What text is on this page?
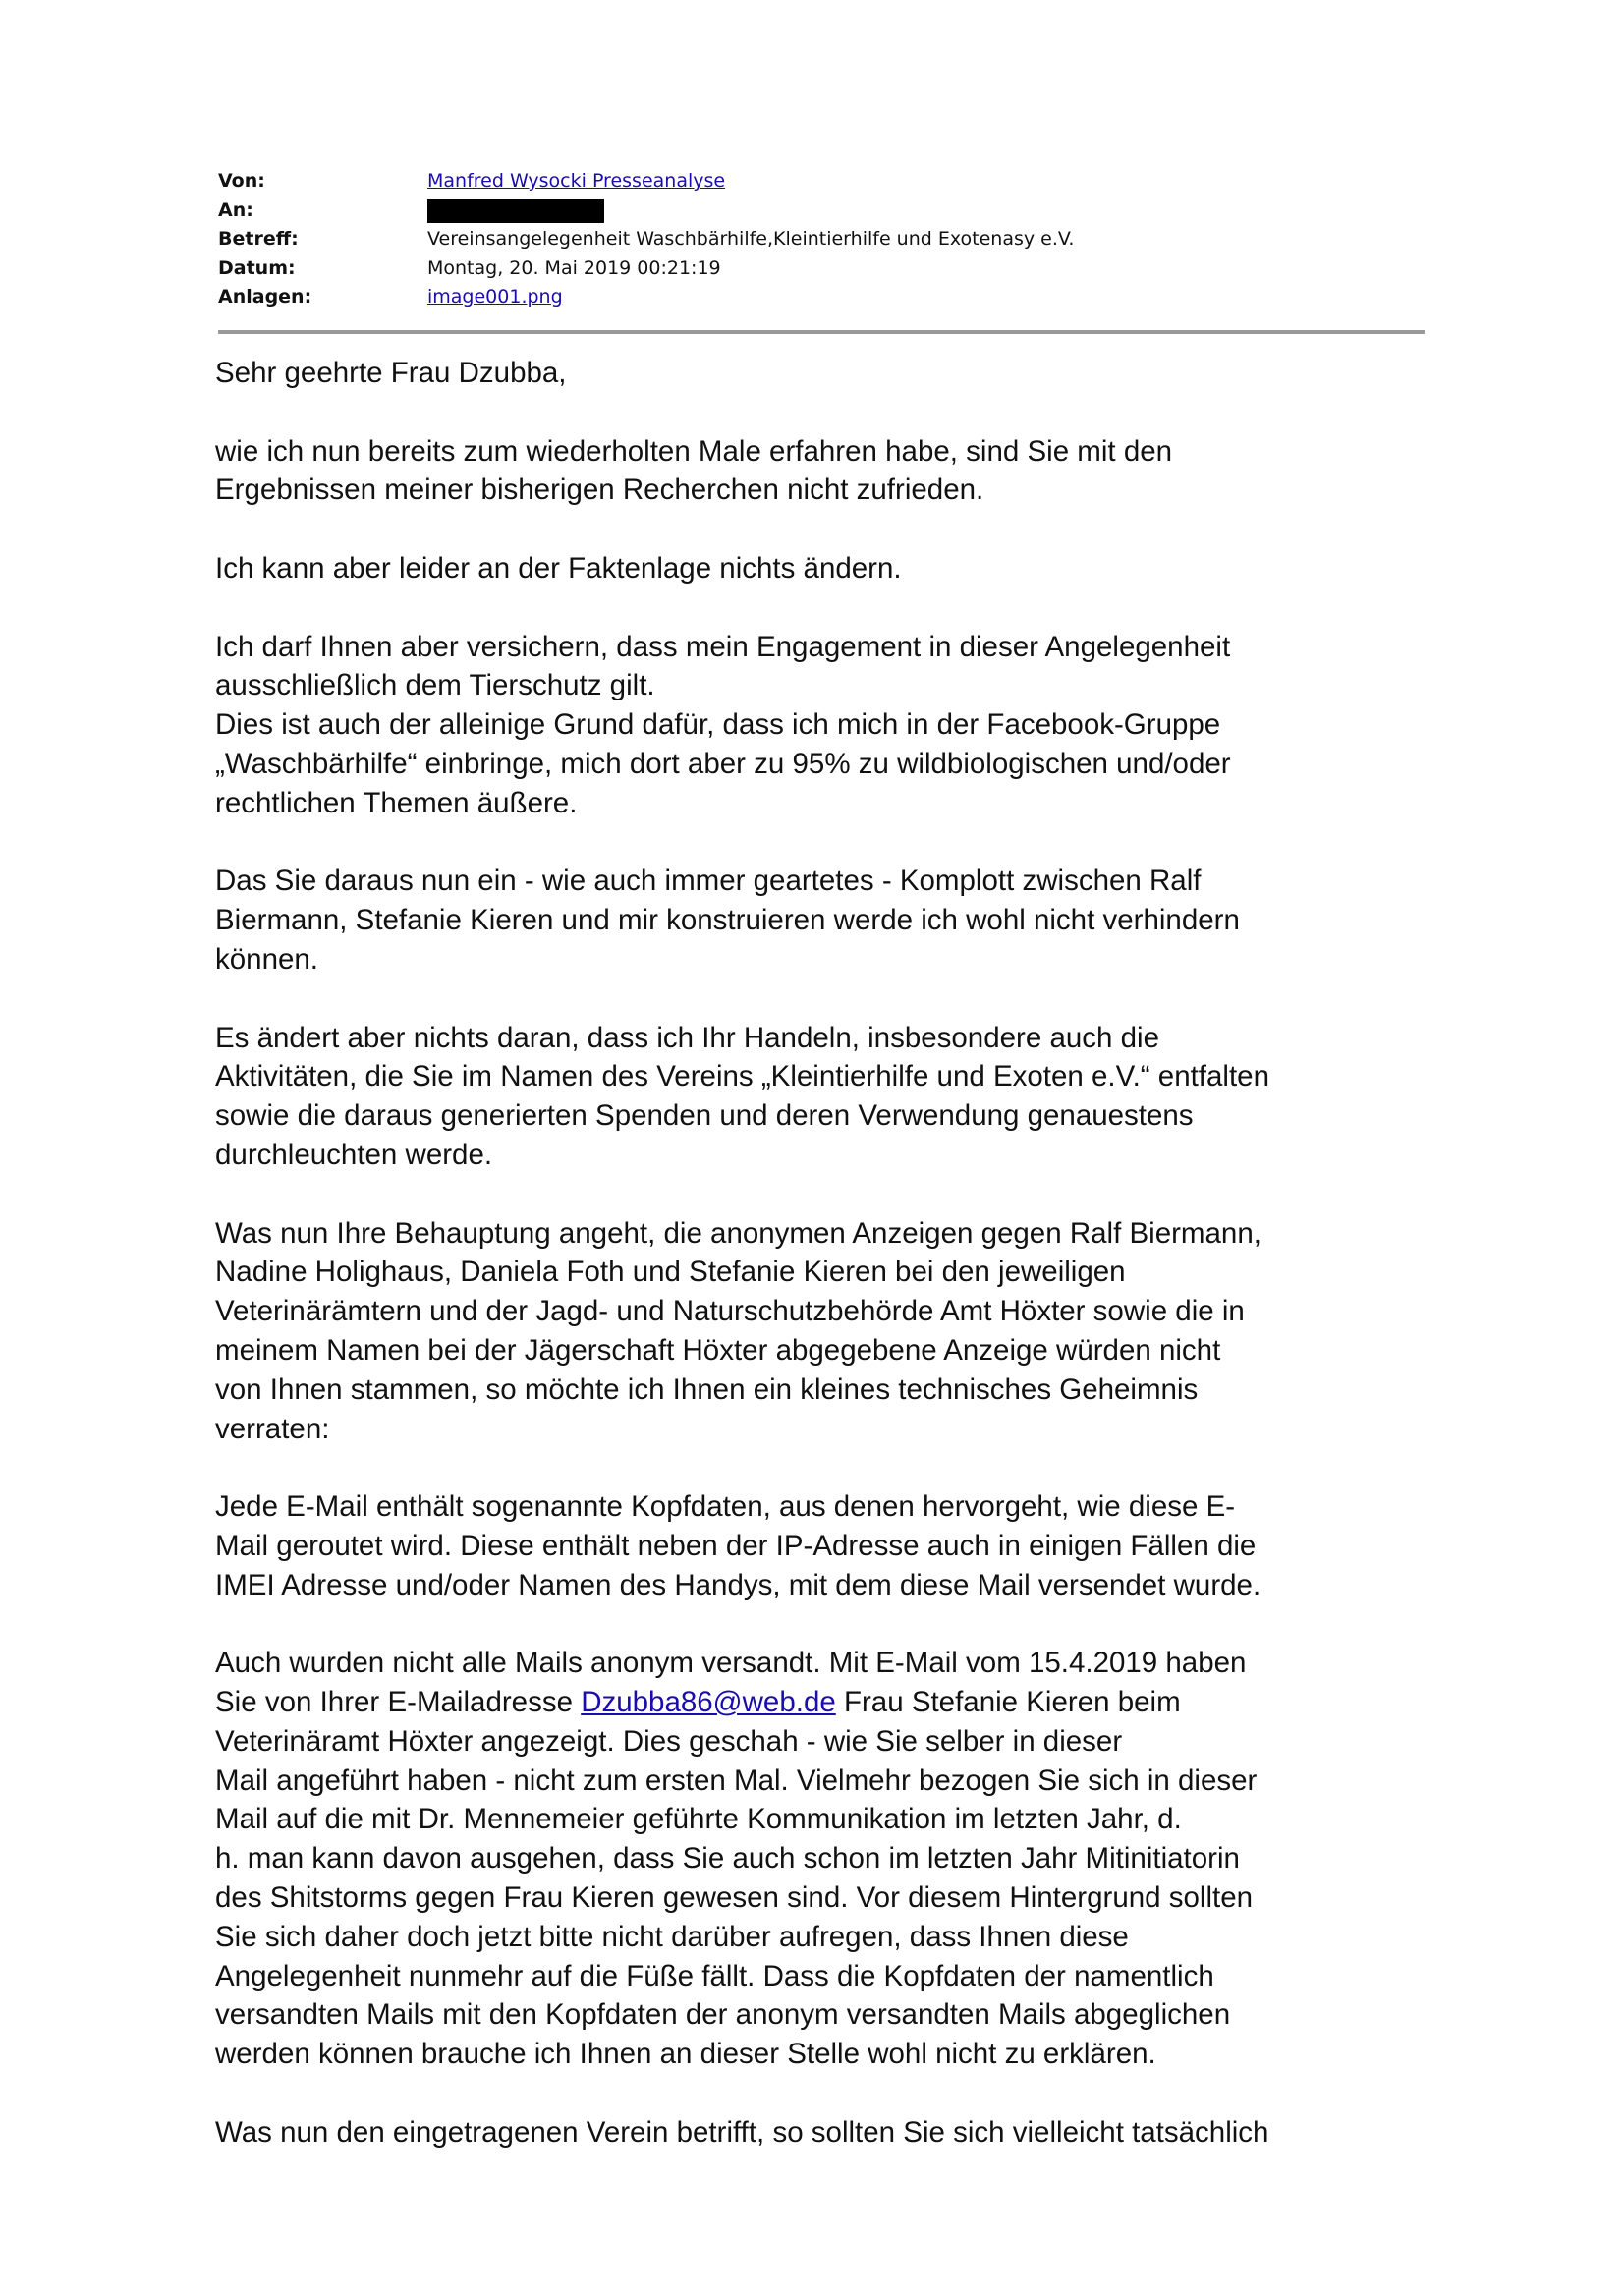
Von:	Manfred Wysocki Presseanalyse
An:
Betreff:	Vereinsangelegenheit Waschbärhilfe,Kleintierhilfe und Exotenasy e.V.
Datum:	Montag, 20. Mai 2019 00:21:19
Anlagen:	image001.png

Sehr geehrte Frau Dzubba,

wie ich nun bereits zum wiederholten Male erfahren habe, sind Sie mit den
Ergebnissen meiner bisherigen Recherchen nicht zufrieden.

Ich kann aber leider an der Faktenlage nichts ändern.

Ich darf Ihnen aber versichern, dass mein Engagement in dieser Angelegenheit
ausschließlich dem Tierschutz gilt.
Dies ist auch der alleinige Grund dafür, dass ich mich in der Facebook-Gruppe
„Waschbärhilfe“ einbringe, mich dort aber zu 95% zu wildbiologischen und/oder
rechtlichen Themen äußere.

Das Sie daraus nun ein - wie auch immer geartetes - Komplott zwischen Ralf
Biermann, Stefanie Kieren und mir konstruieren werde ich wohl nicht verhindern
können.

Es ändert aber nichts daran, dass ich Ihr Handeln, insbesondere auch die
Aktivitäten, die Sie im Namen des Vereins „Kleintierhilfe und Exoten e.V.“ entfalten
sowie die daraus generierten Spenden und deren Verwendung genauestens
durchleuchten werde.

Was nun Ihre Behauptung angeht, die anonymen Anzeigen gegen Ralf Biermann,
Nadine Holighaus, Daniela Foth und Stefanie Kieren bei den jeweiligen
Veterinärämtern und der Jagd- und Naturschutzbehörde Amt Höxter sowie die in
meinem Namen bei der Jägerschaft Höxter abgegebene Anzeige würden nicht
von Ihnen stammen, so möchte ich Ihnen ein kleines technisches Geheimnis
verraten:

Jede E-Mail enthält sogenannte Kopfdaten, aus denen hervorgeht, wie diese E-
Mail geroutet wird. Diese enthält neben der IP-Adresse auch in einigen Fällen die
IMEI Adresse und/oder Namen des Handys, mit dem diese Mail versendet wurde.

Auch wurden nicht alle Mails anonym versandt. Mit E-Mail vom 15.4.2019 haben
Sie von Ihrer E-Mailadresse Dzubba86@web.de Frau Stefanie Kieren beim
Veterinäramt Höxter angezeigt. Dies geschah - wie Sie selber in dieser
Mail angeführt haben - nicht zum ersten Mal. Vielmehr bezogen Sie sich in dieser
Mail auf die mit Dr. Mennemeier geführte Kommunikation im letzten Jahr, d.
h. man kann davon ausgehen, dass Sie auch schon im letzten Jahr Mitinitiatorin
des Shitstorms gegen Frau Kieren gewesen sind. Vor diesem Hintergrund sollten
Sie sich daher doch jetzt bitte nicht darüber aufregen, dass Ihnen diese
Angelegenheit nunmehr auf die Füße fällt. Dass die Kopfdaten der namentlich
versandten Mails mit den Kopfdaten der anonym versandten Mails abgeglichen
werden können brauche ich Ihnen an dieser Stelle wohl nicht zu erklären.

Was nun den eingetragenen Verein betrifft, so sollten Sie sich vielleicht tatsächlich
